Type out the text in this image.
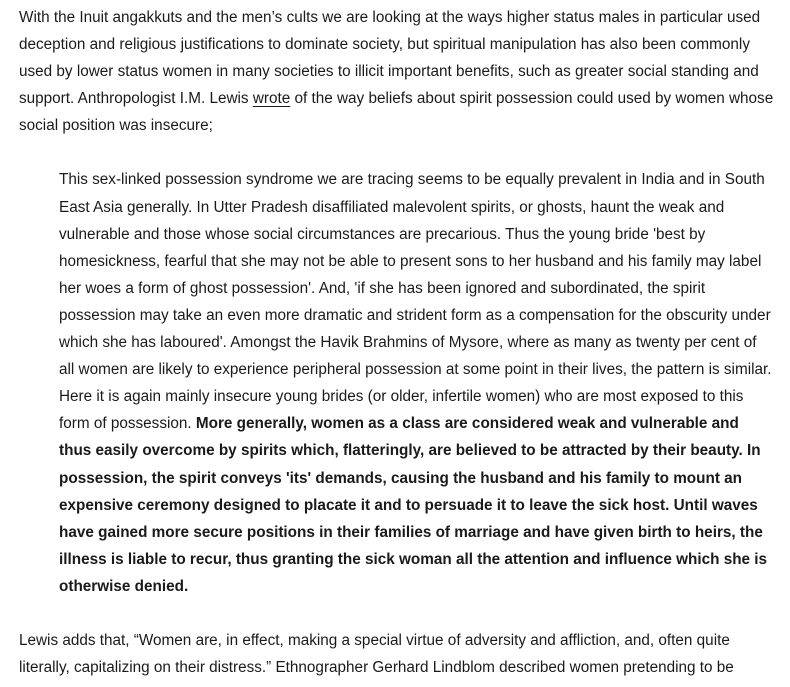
With the Inuit angakkuts and the men’s cults we are looking at the ways higher status males in particular used deception and religious justifications to dominate society, but spiritual manipulation has also been commonly used by lower status women in many societies to illicit important benefits, such as greater social standing and support. Anthropologist I.M. Lewis wrote of the way beliefs about spirit possession could used by women whose social position was insecure;

This sex-linked possession syndrome we are tracing seems to be equally prevalent in India and in South East Asia generally. In Utter Pradesh disaffiliated malevolent spirits, or ghosts, haunt the weak and vulnerable and those whose social circumstances are precarious. Thus the young bride 'best by homesickness, fearful that she may not be able to present sons to her husband and his family may label her woes a form of ghost possession'. And, 'if she has been ignored and subordinated, the spirit possession may take an even more dramatic and strident form as a compensation for the obscurity under which she has laboured'. Amongst the Havik Brahmins of Mysore, where as many as twenty per cent of all women are likely to experience peripheral possession at some point in their lives, the pattern is similar. Here it is again mainly insecure young brides (or older, infertile women) who are most exposed to this form of possession. More generally, women as a class are considered weak and vulnerable and thus easily overcome by spirits which, flatteringly, are believed to be attracted by their beauty. In possession, the spirit conveys 'its' demands, causing the husband and his family to mount an expensive ceremony designed to placate it and to persuade it to leave the sick host. Until waves have gained more secure positions in their families of marriage and have given birth to heirs, the illness is liable to recur, thus granting the sick woman all the attention and influence which she is otherwise denied.

Lewis adds that, “Women are, in effect, making a special virtue of adversity and affliction, and, often quite literally, capitalizing on their distress.” Ethnographer Gerhard Lindblom described women pretending to be
